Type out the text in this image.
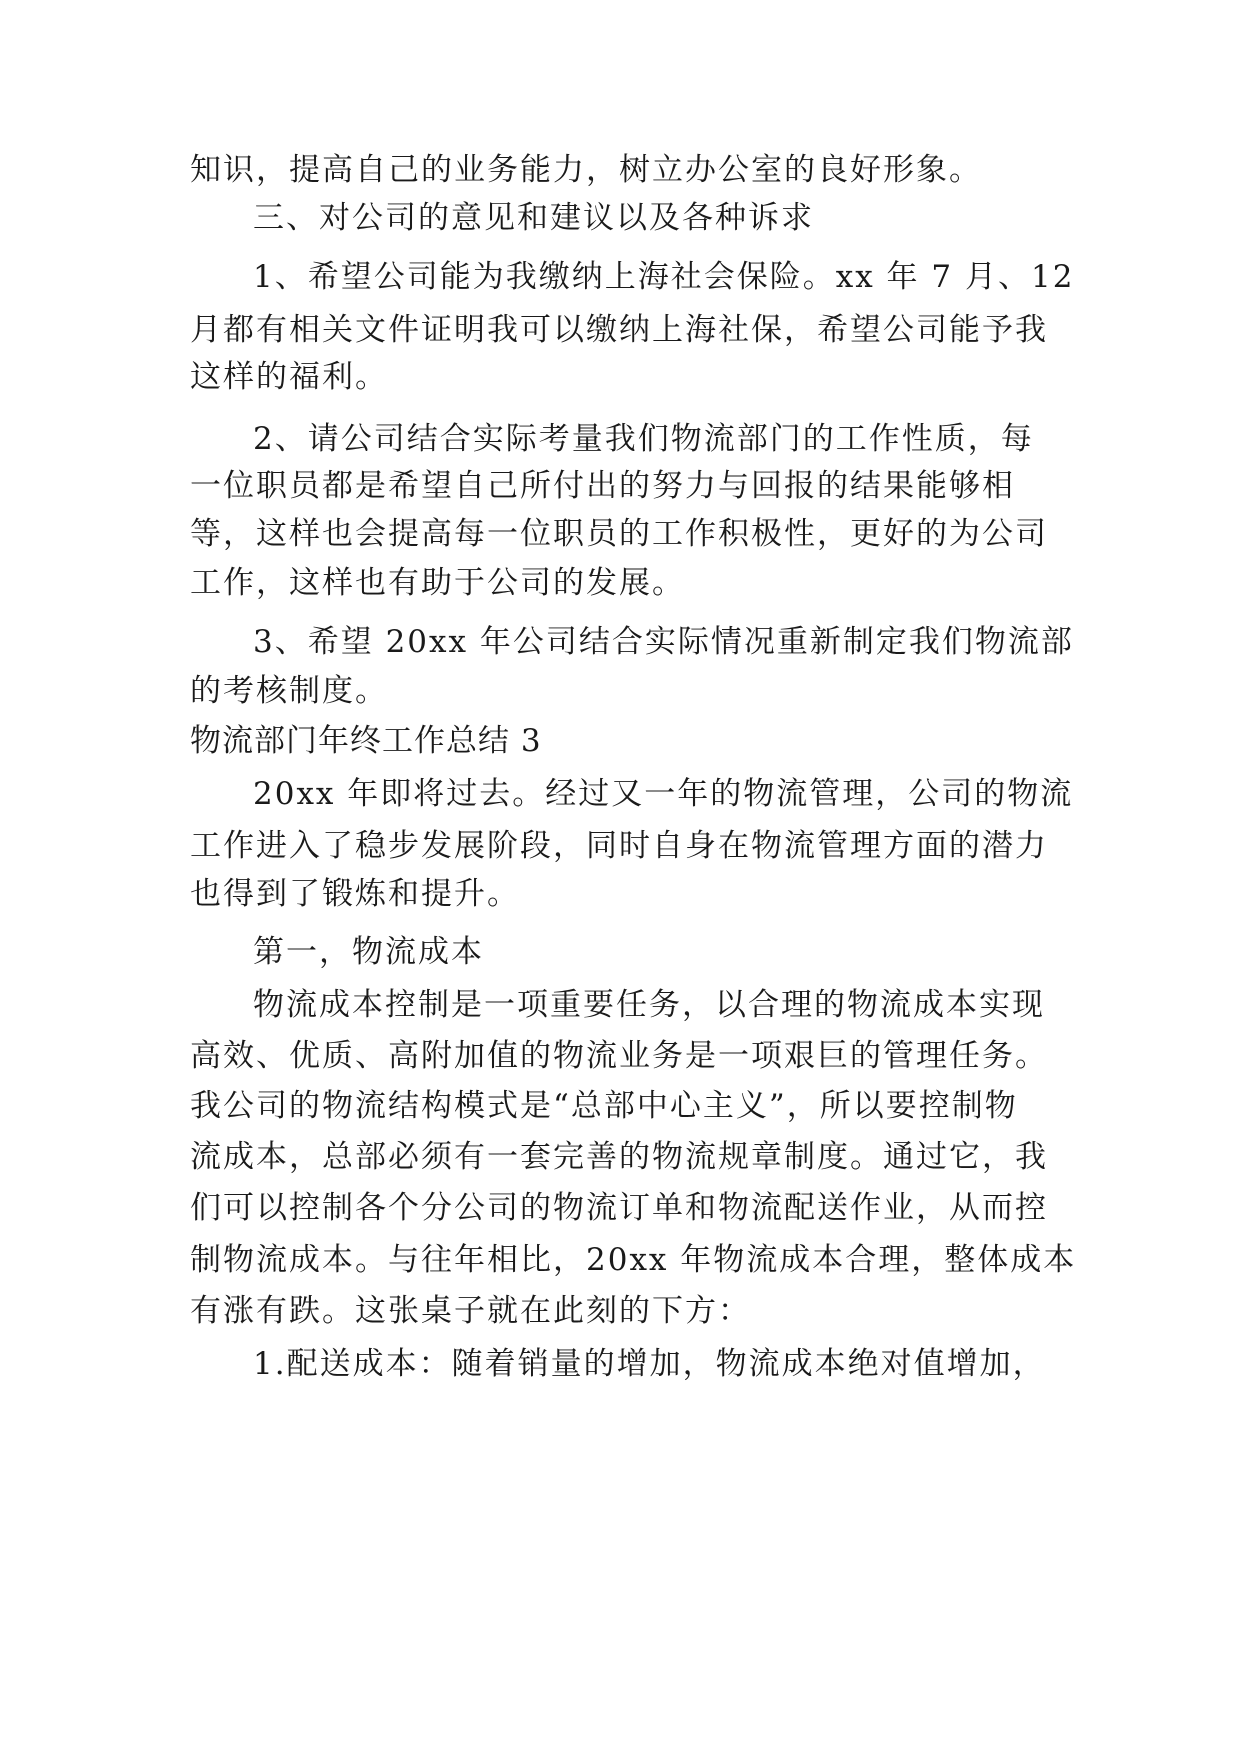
知识，提高自己的业务能力，树立办公室的良好形象。
三、对公司的意见和建议以及各种诉求
1、希望公司能为我缴纳上海社会保险。xx 年 7 月、12
月都有相关文件证明我可以缴纳上海社保，希望公司能予我
这样的福利。
2、请公司结合实际考量我们物流部门的工作性质，每
一位职员都是希望自己所付出的努力与回报的结果能够相
等，这样也会提高每一位职员的工作积极性，更好的为公司
工作，这样也有助于公司的发展。
3、希望 20xx 年公司结合实际情况重新制定我们物流部
的考核制度。
物流部门年终工作总结 3
20xx 年即将过去。经过又一年的物流管理，公司的物流
工作进入了稳步发展阶段，同时自身在物流管理方面的潜力
也得到了锻炼和提升。
第一，物流成本
物流成本控制是一项重要任务，以合理的物流成本实现
高效、优质、高附加值的物流业务是一项艰巨的管理任务。
我公司的物流结构模式是“总部中心主义”，所以要控制物
流成本，总部必须有一套完善的物流规章制度。通过它，我
们可以控制各个分公司的物流订单和物流配送作业，从而控
制物流成本。与往年相比，20xx 年物流成本合理，整体成本
有涨有跌。这张桌子就在此刻的下方：
1.配送成本：随着销量的增加，物流成本绝对值增加，
